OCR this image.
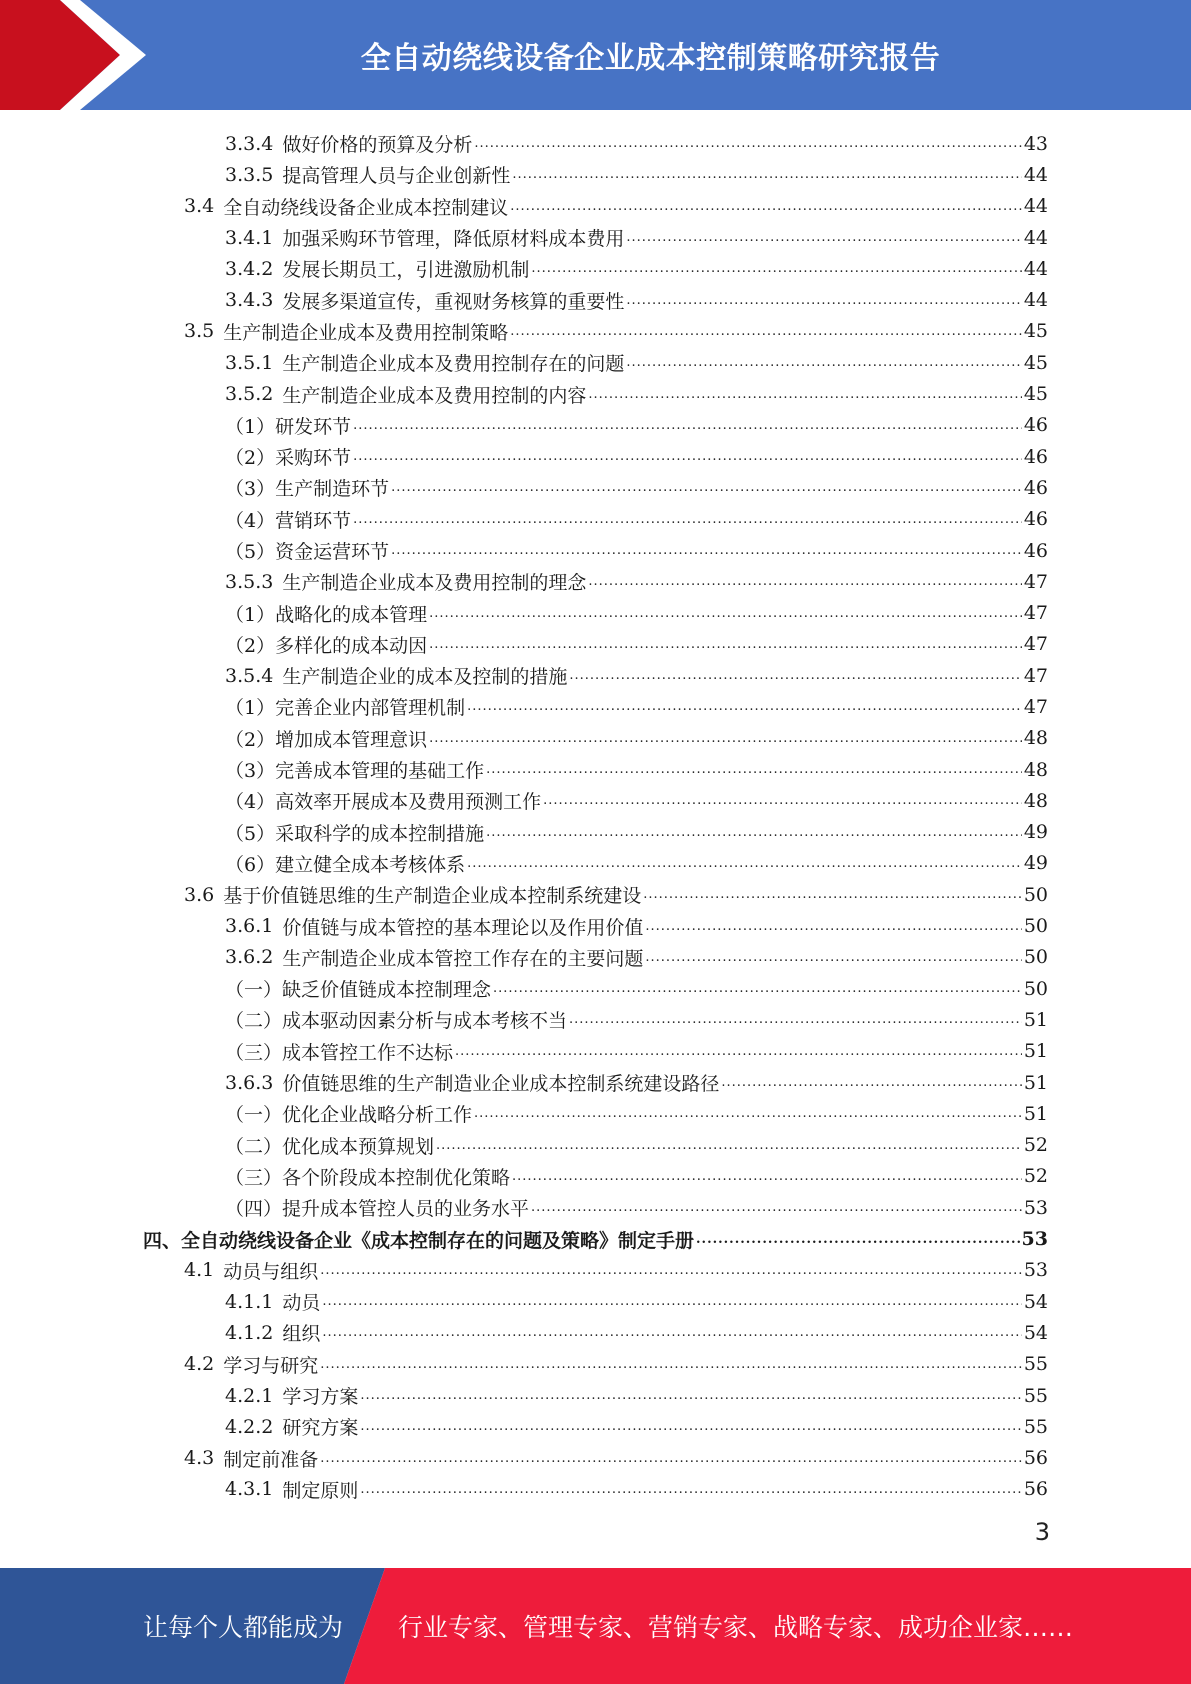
全自动绕线设备企业成本控制策略研究报告
3.3.4 做好价格的预算及分析 .....	43
3.3.5 提高管理人员与企业创新性 .....	44
3.4 全自动绕线设备企业成本控制建议 .....	44
3.4.1 加强采购环节管理，降低原材料成本费用 .....	44
3.4.2 发展长期员工，引进激励机制 .....	44
3.4.3 发展多渠道宣传，重视财务核算的重要性 .....	44
3.5 生产制造企业成本及费用控制策略 .....	45
3.5.1 生产制造企业成本及费用控制存在的问题 .....	45
3.5.2 生产制造企业成本及费用控制的内容 .....	45
（1）研发环节 .....	46
（2）采购环节 .....	46
（3）生产制造环节 .....	46
（4）营销环节 .....	46
（5）资金运营环节 .....	46
3.5.3 生产制造企业成本及费用控制的理念 .....	47
（1）战略化的成本管理 .....	47
（2）多样化的成本动因 .....	47
3.5.4 生产制造企业的成本及控制的措施 .....	47
（1）完善企业内部管理机制 .....	47
（2）增加成本管理意识 .....	48
（3）完善成本管理的基础工作 .....	48
（4）高效率开展成本及费用预测工作 .....	48
（5）采取科学的成本控制措施 .....	49
（6）建立健全成本考核体系 .....	49
3.6 基于价值链思维的生产制造企业成本控制系统建设 .....	50
3.6.1 价值链与成本管控的基本理论以及作用价值 .....	50
3.6.2 生产制造企业成本管控工作存在的主要问题 .....	50
（一）缺乏价值链成本控制理念 .....	50
（二）成本驱动因素分析与成本考核不当 .....	51
（三）成本管控工作不达标 .....	51
3.6.3 价值链思维的生产制造业企业成本控制系统建设路径 .....	51
（一）优化企业战略分析工作 .....	51
（二）优化成本预算规划 .....	52
（三）各个阶段成本控制优化策略 .....	52
（四）提升成本管控人员的业务水平 .....	53
四、全自动绕线设备企业《成本控制存在的问题及策略》制定手册 .....	53
4.1 动员与组织 .....	53
4.1.1 动员 .....	54
4.1.2 组织 .....	54
4.2 学习与研究 .....	55
4.2.1 学习方案 .....	55
4.2.2 研究方案 .....	55
4.3 制定前准备 .....	56
4.3.1 制定原则 .....	56
3
让每个人都能成为 行业专家、管理专家、营销专家、战略专家、成功企业家……
